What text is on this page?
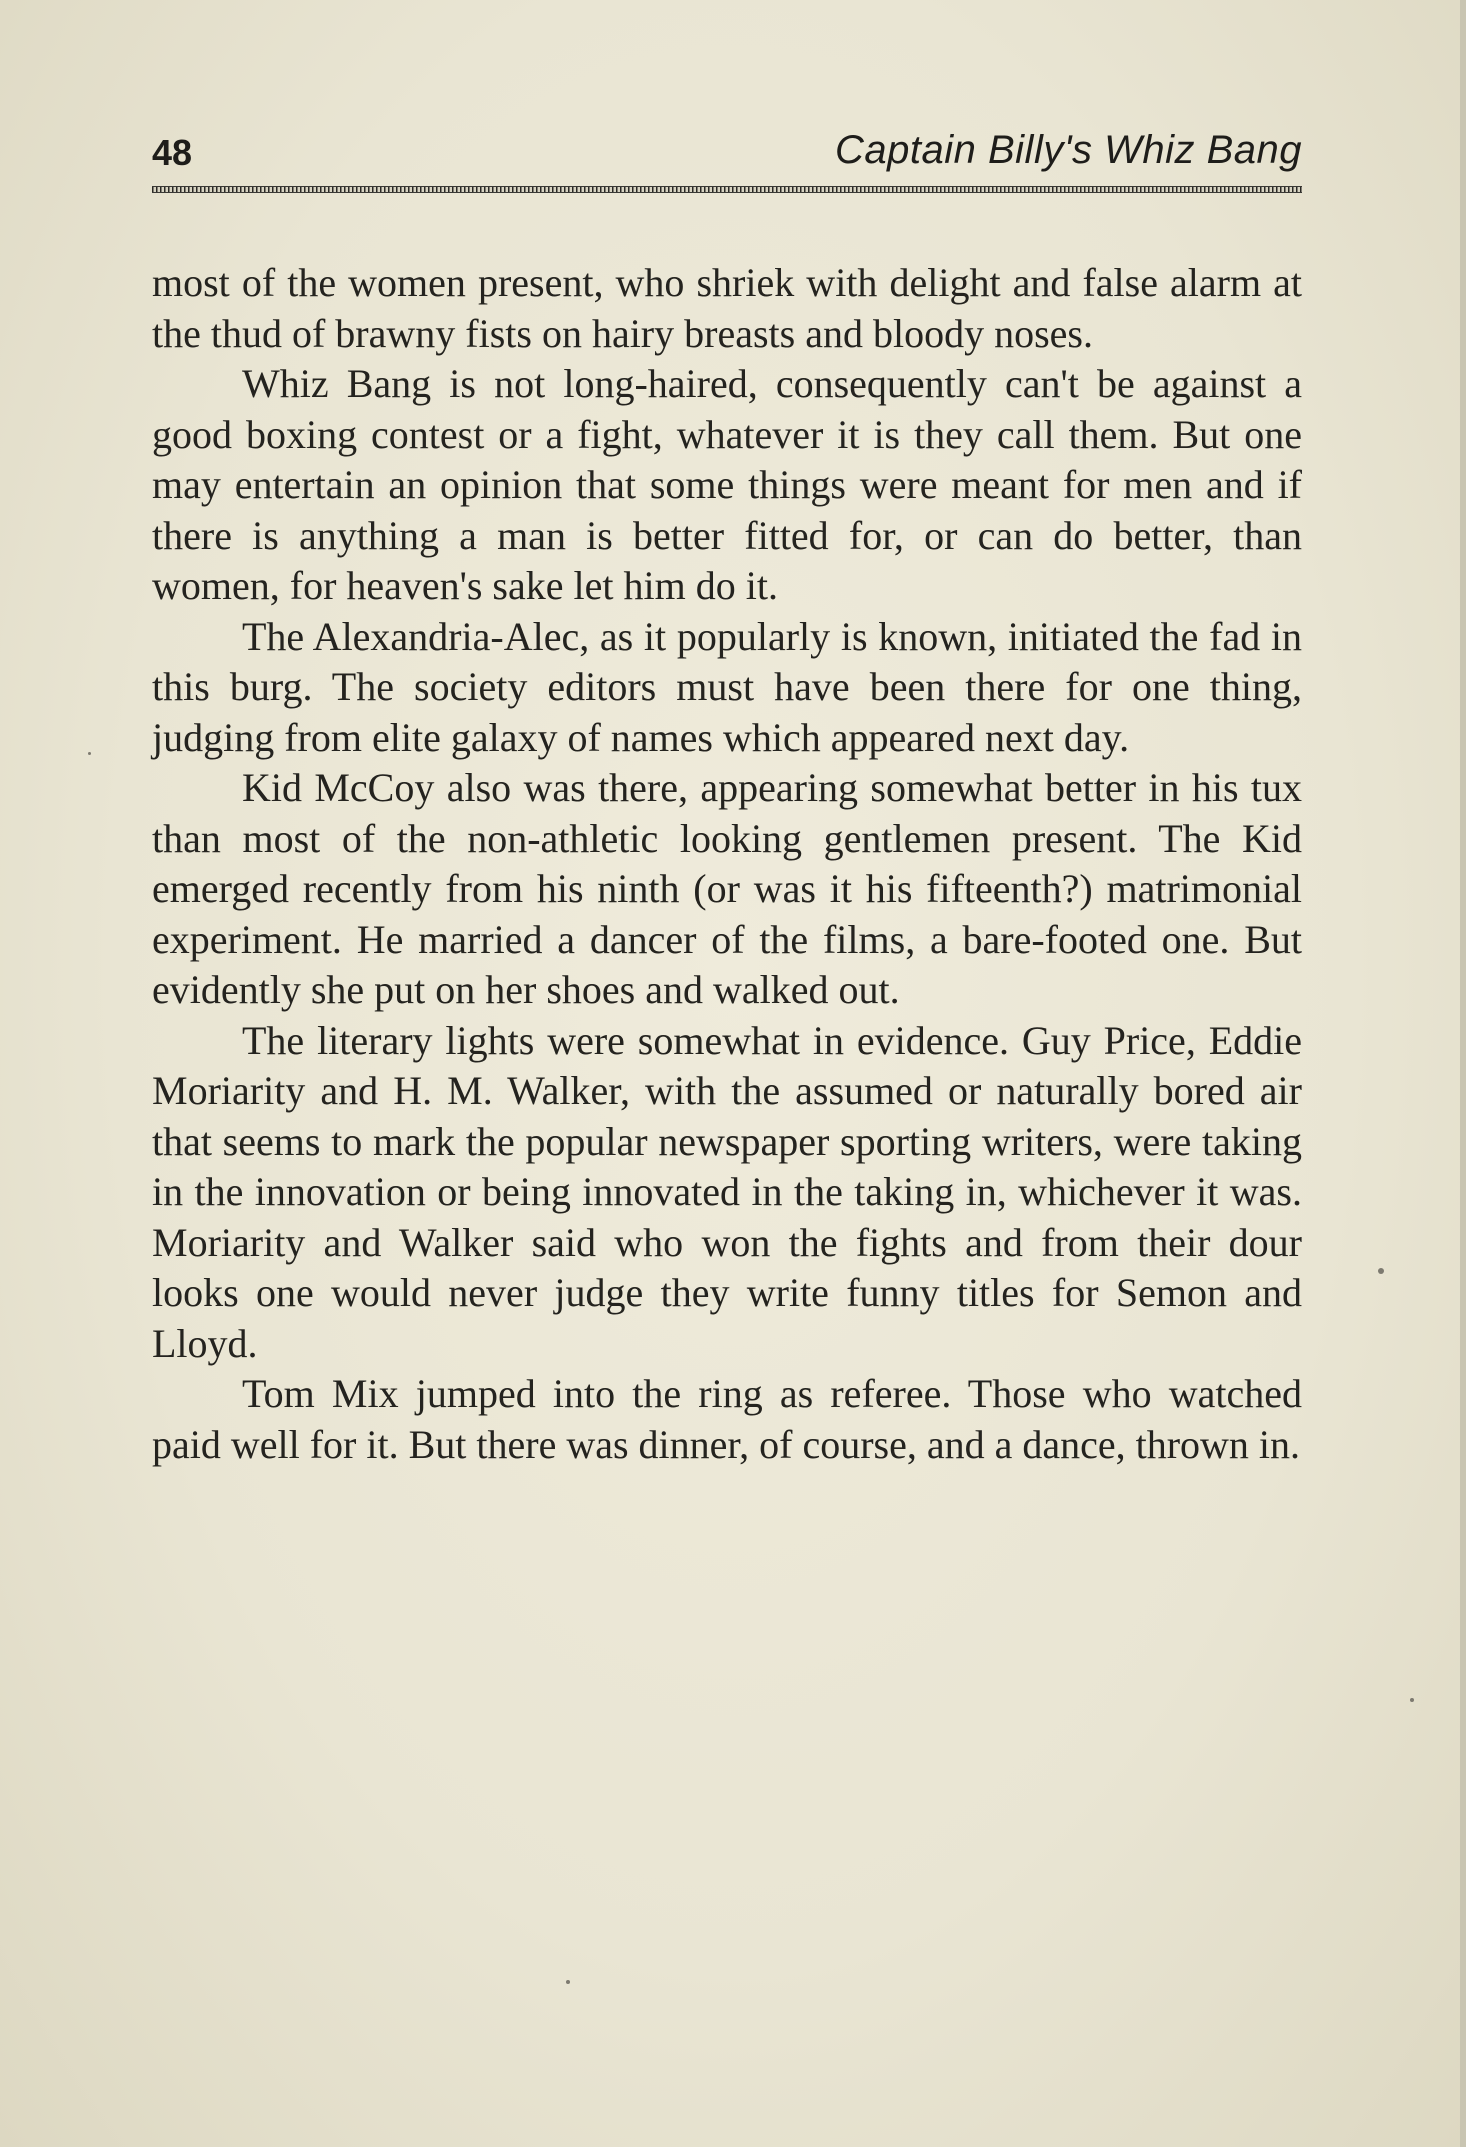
48	Captain Billy's Whiz Bang

most of the women present, who shriek with delight and false alarm at the thud of brawny fists on hairy breasts and bloody noses.

Whiz Bang is not long-haired, consequently can't be against a good boxing contest or a fight, whatever it is they call them. But one may entertain an opinion that some things were meant for men and if there is anything a man is better fitted for, or can do better, than women, for heaven's sake let him do it.

The Alexandria-Alec, as it popularly is known, initiated the fad in this burg. The society editors must have been there for one thing, judging from elite galaxy of names which appeared next day.

Kid McCoy also was there, appearing somewhat better in his tux than most of the non-athletic looking gentlemen present. The Kid emerged recently from his ninth (or was it his fifteenth?) matrimonial experiment. He married a dancer of the films, a bare-footed one. But evidently she put on her shoes and walked out.

The literary lights were somewhat in evidence. Guy Price, Eddie Moriarity and H. M. Walker, with the assumed or naturally bored air that seems to mark the popular newspaper sporting writers, were taking in the innovation or being innovated in the taking in, whichever it was. Moriarity and Walker said who won the fights and from their dour looks one would never judge they write funny titles for Semon and Lloyd.

Tom Mix jumped into the ring as referee. Those who watched paid well for it. But there was dinner, of course, and a dance, thrown in.
